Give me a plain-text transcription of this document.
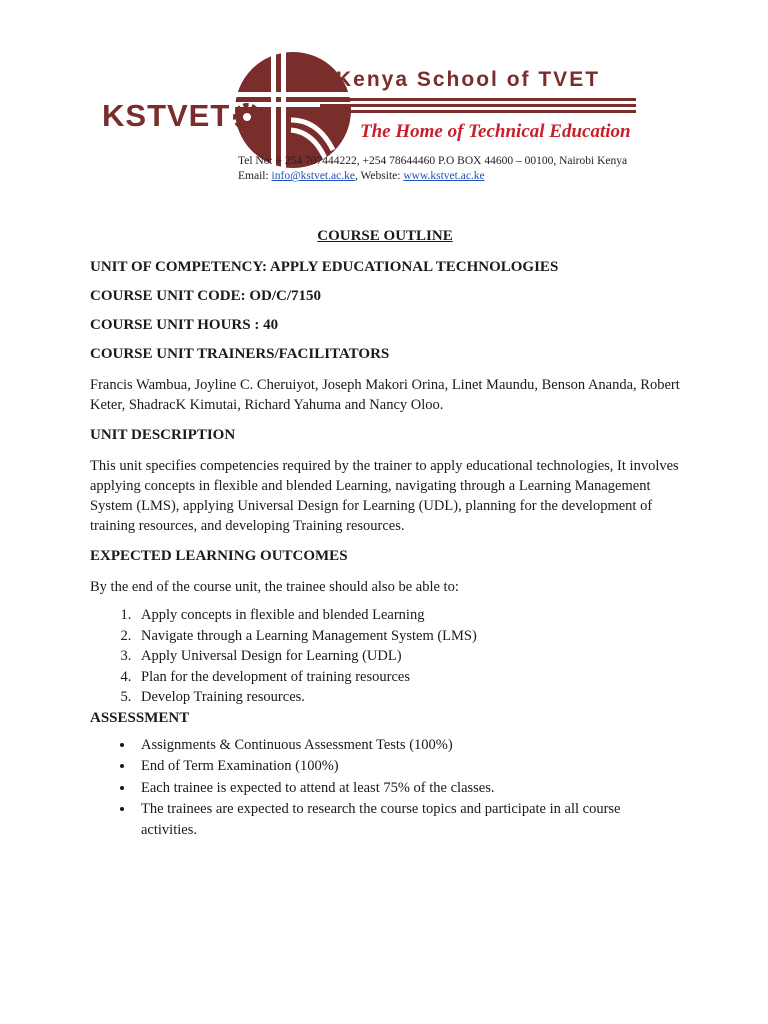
KSTVET
Kenya School of TVET
The Home of Technical Education
Tel No: + 254 707444222, +254 78644460 P.O BOX 44600 – 00100, Nairobi Kenya
Email: info@kstvet.ac.ke, Website: www.kstvet.ac.ke
COURSE OUTLINE
UNIT OF COMPETENCY: APPLY EDUCATIONAL TECHNOLOGIES
COURSE UNIT CODE: OD/C/7150
COURSE UNIT HOURS : 40
COURSE UNIT TRAINERS/FACILITATORS

Francis Wambua, Joyline C. Cheruiyot, Joseph Makori Orina, Linet Maundu, Benson Ananda, Robert Keter, ShadracK Kimutai, Richard Yahuma and Nancy Oloo.

UNIT DESCRIPTION

This unit specifies competencies required by the trainer to apply educational technologies, It involves applying concepts in flexible and blended Learning, navigating through a Learning Management System (LMS), applying Universal Design for Learning (UDL), planning for the development of training resources, and developing Training resources.

EXPECTED LEARNING OUTCOMES

By the end of the course unit, the trainee should also be able to:

1. Apply concepts in flexible and blended Learning
2. Navigate through a Learning Management System (LMS)
3. Apply Universal Design for Learning (UDL)
4. Plan for the development of training resources
5. Develop Training resources.
ASSESSMENT
• Assignments & Continuous Assessment Tests (100%)
• End of Term Examination (100%)
• Each trainee is expected to attend at least 75% of the classes.
• The trainees are expected to research the course topics and participate in all course activities.
